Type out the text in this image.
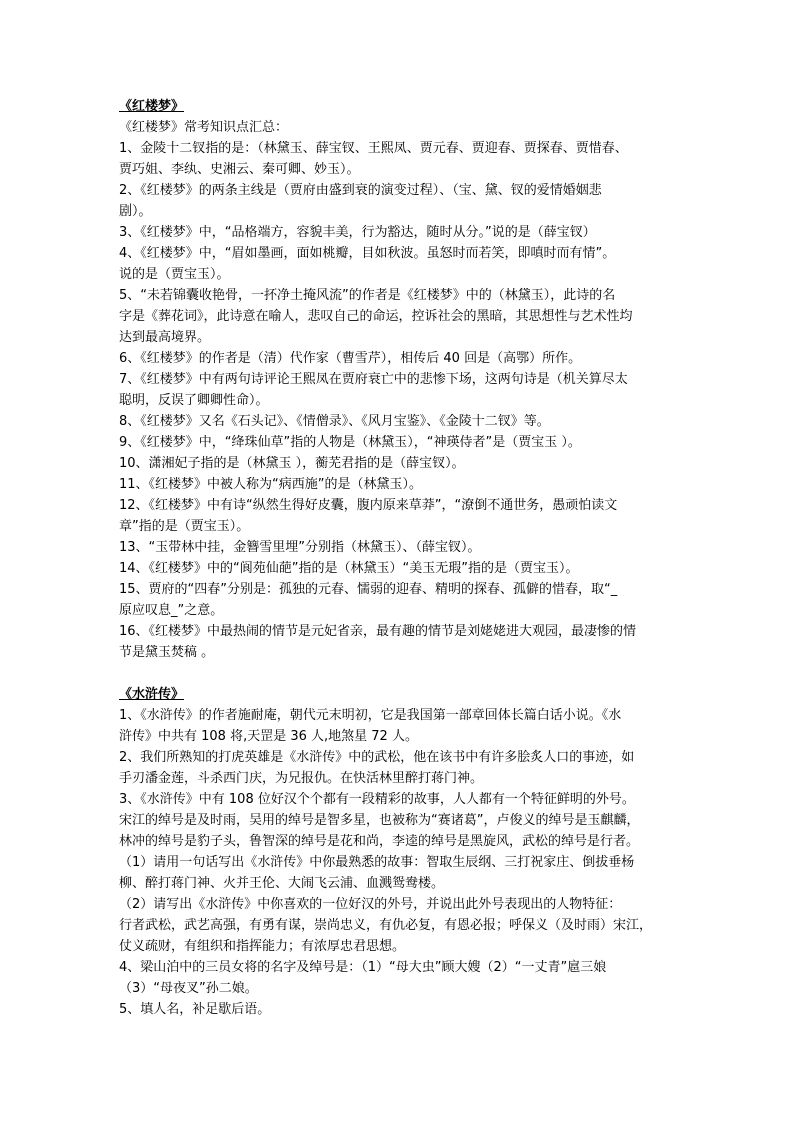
《红楼梦》

《红楼梦》常考知识点汇总：

1、金陵十二钗指的是：（林黛玉、薛宝钗、王熙凤、贾元春、贾迎春、贾探春、贾惜春、

贾巧姐、李纨、史湘云、秦可卿、妙玉）。

2、《红楼梦》的两条主线是（贾府由盛到衰的演变过程）、（宝、黛、钗的爱情婚姻悲

剧）。

3、《红楼梦》中，“品格端方，容貌丰美，行为豁达，随时从分。”说的是（薛宝钗）

4、《红楼梦》中，“眉如墨画，面如桃瓣，目如秋波。虽怒时而若笑，即嗔时而有情”。

说的是（贾宝玉）。

5、“未若锦囊收艳骨，一抔净土掩风流”的作者是《红楼梦》中的（林黛玉），此诗的名

字是《葬花词》，此诗意在喻人，悲叹自己的命运，控诉社会的黑暗，其思想性与艺术性均

达到最高境界。

6、《红楼梦》的作者是（清）代作家（曹雪芹），相传后 40 回是（高鄂）所作。

7、《红楼梦》中有两句诗评论王熙凤在贾府衰亡中的悲惨下场，这两句诗是（机关算尽太

聪明，反误了卿卿性命）。

8、《红楼梦》又名《石头记》、《情僧录》、《风月宝鉴》、《金陵十二钗》等。

9、《红楼梦》中，“绛珠仙草”指的人物是（林黛玉），“神瑛侍者”是（贾宝玉 ）。

10、潇湘妃子指的是（林黛玉 ），蘅芜君指的是（薛宝钗）。

11、《红楼梦》中被人称为“病西施”的是（林黛玉）。

12、《红楼梦》中有诗“纵然生得好皮囊，腹内原来草莽”，“潦倒不通世务，愚顽怕读文

章”指的是（贾宝玉）。

13、“玉带林中挂，金簪雪里埋”分别指（林黛玉）、（薛宝钗）。

14、《红楼梦》中的“阆苑仙葩”指的是（林黛玉）“美玉无瑕”指的是（贾宝玉）。

15、贾府的“四春”分别是：孤独的元春、懦弱的迎春、精明的探春、孤僻的惜春，取“_

原应叹息_”之意。

16、《红楼梦》中最热闹的情节是元妃省亲，最有趣的情节是刘姥姥进大观园，最凄惨的情

节是黛玉焚稿 。

《水浒传》

1、《水浒传》的作者施耐庵，朝代元末明初，它是我国第一部章回体长篇白话小说。《水

浒传》中共有 108 将,天罡是 36 人,地煞星 72 人。

2、我们所熟知的打虎英雄是《水浒传》中的武松，他在该书中有许多脍炙人口的事迹，如

手刃潘金莲，斗杀西门庆，为兄报仇。在快活林里醉打蒋门神。

3、《水浒传》中有 108 位好汉个个都有一段精彩的故事，人人都有一个特征鲜明的外号。

宋江的绰号是及时雨，吴用的绰号是智多星，也被称为“赛诸葛”，卢俊义的绰号是玉麒麟，

林冲的绰号是豹子头，鲁智深的绰号是花和尚，李逵的绰号是黑旋风，武松的绰号是行者。

（1）请用一句话写出《水浒传》中你最熟悉的故事：智取生辰纲、三打祝家庄、倒拔垂杨

柳、醉打蒋门神、火并王伦、大闹飞云浦、血溅鸳鸯楼。

（2）请写出《水浒传》中你喜欢的一位好汉的外号，并说出此外号表现出的人物特征：

行者武松，武艺高强，有勇有谋，崇尚忠义，有仇必复，有恩必报；呼保义（及时雨）宋江，

仗义疏财，有组织和指挥能力；有浓厚忠君思想。

4、梁山泊中的三员女将的名字及绰号是：（1）“母大虫”顾大嫂（2）“一丈青”扈三娘

（3）“母夜叉”孙二娘。

5、填人名，补足歇后语。
